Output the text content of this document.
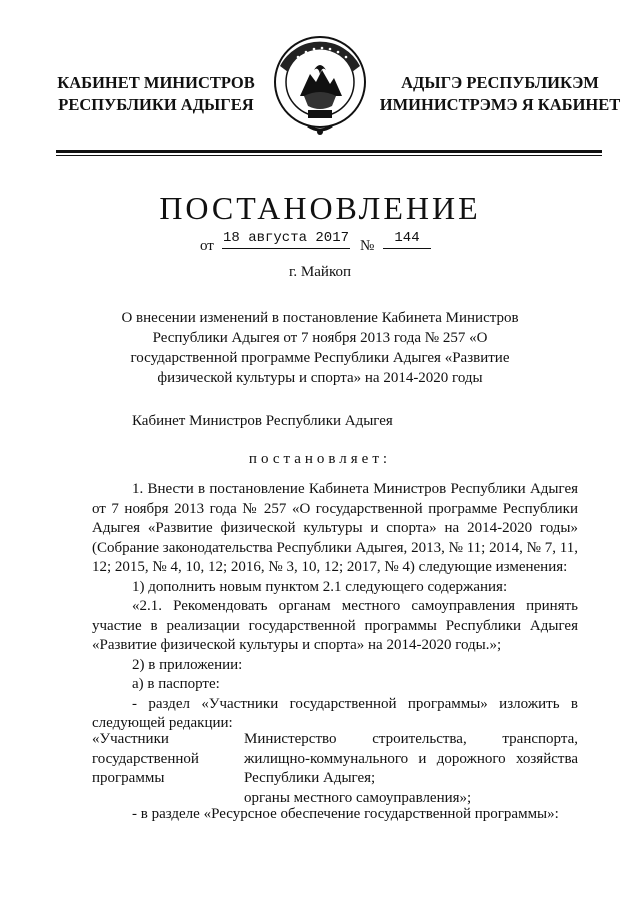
КАБИНЕТ МИНИСТРОВ
РЕСПУБЛИКИ АДЫГЕЯ
АДЫГЭ РЕСПУБЛИКЭМ
ИМИНИСТРЭМЭ Я КАБИНЕТ
ПОСТАНОВЛЕНИЕ
от 18 августа 2017 №	144
г. Майкоп
О внесении изменений в постановление Кабинета Министров Республики Адыгея от 7 ноября 2013 года № 257 «О государственной программе Республики Адыгея «Развитие физической культуры и спорта» на 2014-2020 годы
Кабинет Министров Республики Адыгея
постановляет:

1. Внести в постановление Кабинета Министров Республики Адыгея от 7 ноября 2013 года № 257 «О государственной программе Республики Адыгея «Развитие физической культуры и спорта» на 2014-2020 годы» (Собрание законодательства Республики Адыгея, 2013, № 11; 2014, № 7, 11, 12; 2015, № 4, 10, 12; 2016, № 3, 10, 12; 2017, № 4) следующие изменения:

1) дополнить новым пунктом 2.1 следующего содержания:

«2.1. Рекомендовать органам местного самоуправления принять участие в реализации государственной программы Республики Адыгея «Развитие физической культуры и спорта» на 2014-2020 годы.»;

2) в приложении:

а) в паспорте:

- раздел «Участники государственной программы» изложить в следующей редакции:

«Участники государственной программы
Министерство строительства, транспорта, жилищно-коммунального и дорожного хозяйства Республики Адыгея;
органы местного самоуправления»;
- в разделе «Ресурсное обеспечение государственной программы»:
